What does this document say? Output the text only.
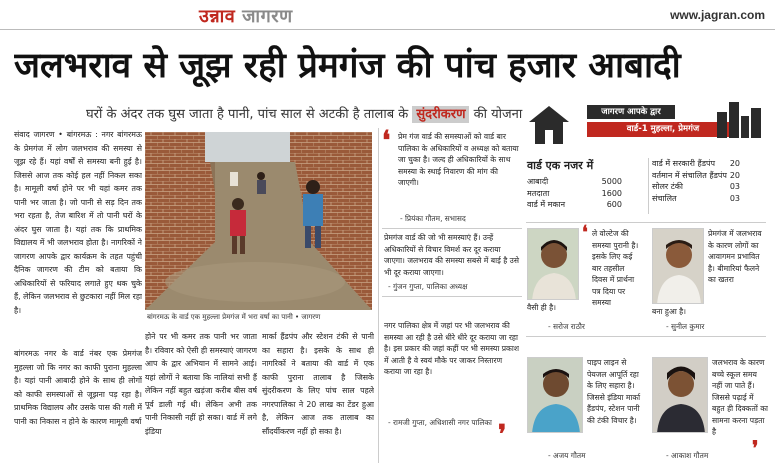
उन्नाव जागरण	www.jagran.com
जलभराव से जूझ रही प्रेमगंज की पांच हजार आबादी
घरों के अंदर तक घुस जाता है पानी, पांच साल से अटकी है तालाब के सुंदरीकरण की योजना
संवाद जागरण • बांगरमऊ : नगर बांगरमऊ के प्रेमगंज में लोग जलभराव की समस्या से जूझ रहे हैं। यहां वर्षों से समस्या बनी हुई है। जिससे आज तक कोई हल नहीं निकल सका है। मामूली वर्षा होने पर भी यहां कमर तक पानी भर जाता है। जो पानी से सड़ दिन तक भरा रहता है, तेज बारिश में तो पानी घरों के अंदर घुस जाता है। यहां तक कि प्राथमिक विद्यालय में भी जलभराव होता है। नागरिकों ने जागरण आपके द्वार कार्यक्रम के तहत पहुंची दैनिक जागरण की टीम को बताया कि अधिकारियों से फरियाद लगाते हुए थक चुके हैं, लेकिन जलभराव से छुटकारा नहीं मिल रहा है।
बांगरमऊ नगर के वार्ड नंबर एक प्रेमगंज मुहल्ला जो कि नगर का काफी पुराना मुहल्ला है। यहां पानी आबादी होने के साथ ही लोगों को काफी समस्याओं से जूझना पड़ रहा है। प्राथमिक विद्यालय और उसके पास की गली में पानी का निकास न होने के कारण मामूली वर्षा
बांगरमऊ के वार्ड एक मुहल्ला प्रेमगंज में भरा वर्षा का पानी • जागरण
होने पर भी कमर तक पानी भर जाता है। रविवार को ऐसी ही समस्याएं जागरण आप के द्वार अभियान में सामने आई। यहां लोगों ने बताया कि नालियां सभी हैं लेकिन नहीं बहुत खड़ंजा करीब बीस वर्ष पूर्व डाली गई थी। लेकिन अभी तक पानी निकासी नहीं हो सका। वार्ड में लगे इंडिया
मार्का हैंडपंप और स्टेशन टंकी से पानी का सहारा है। इसके के साथ ही नागरिकों ने बताया की वार्ड में एक काफी पुराना तालाब है जिसके सुंदरीकरण के लिए पांच साल पहले नगरपालिका ने 20 लाख का टेंडर हुआ है, लेकिन आज तक तालाब का सौंदर्यीकरण नहीं हो सका है।
❛ प्रेम गंज वार्ड की समस्याओं को वार्ड बार पालिका के अधिकारियों व अध्यक्ष को बताया जा चुका है। जल्द ही अधिकारियों के साथ समस्या के स्थाई निवारण की मांग की जाएगी।
- प्रियंका गौतम, सभासद
प्रेमगंज वार्ड की जो भी समस्याएं हैं। उन्हें अधिकारियों से विचार विमर्श कर दूर कराया जाएगा। जलभराव की समस्या सबसे में बाई है उसे भी दूर कराया जाएगा।
- गुंजन गुप्ता, पालिका अध्यक्ष
नगर पालिका क्षेत्र में जहां पर भी जलभराव की समस्या आ रही है उसे धीरे धीरे दूर कराया जा रहा है। इस प्रकार की जहां कहीं पर भी समस्या प्रकाश में आती है वे स्वयं मौके पर जाकर निस्तारण कराया जा रहा है।
- रामजी गुप्ता, अधिशासी नगर पालिका ❜
जागरण आपके द्वार
वार्ड-1 मुहल्ला, प्रेमगंज
वार्ड एक नजर में
आबादी	5000
मतदाता	1600
वार्ड में मकान	600
वार्ड में सरकारी हैंडपंप 20
वर्तमान में संचालित हैंडपंप 20
सोलर टंकी	03
संचालित	03
❛ ले वोल्टेज की समस्या पुरानी है। इसके लिए कई बार तहसील दिवस में प्रार्थना पत्र दिया पर समस्या
वैसी ही है।
- सरोज राठौर
प्रेमगंज में जलभराव के कारण लोगों का आवागमन प्रभावित है। बीमारियां फैलने का खतरा
बना हुआ है।
- सुनील कुमार
पाइप लाइन से पेयजल आपूर्ति रहा के लिए सहारा है। जिससे इंडिया मार्का हैंडपंप, स्टेशन पानी की टंकी विचार है।
- अजय गौतम
जलभराव के कारण बच्चे स्कूल समय नहीं जा पाते हैं। जिससे पढ़ाई में बहुत ही दिक्कतों का सामना करना पड़ता है
- आकाश गौतम ❜
